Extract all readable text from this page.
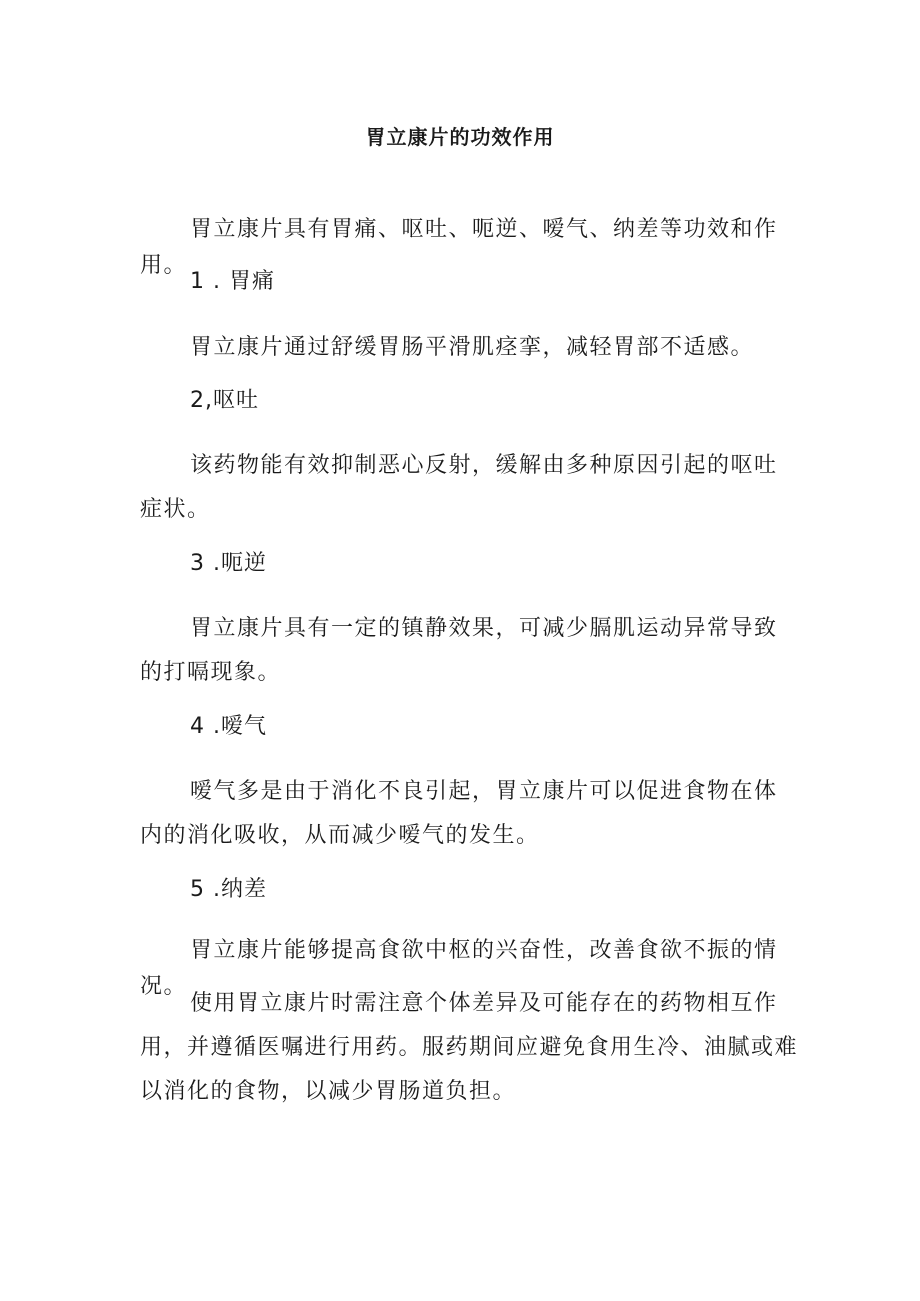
胃立康片的功效作用

胃立康片具有胃痛、呕吐、呃逆、嗳气、纳差等功效和作用。

1 . 胃痛

胃立康片通过舒缓胃肠平滑肌痉挛，减轻胃部不适感。

2,呕吐

该药物能有效抑制恶心反射，缓解由多种原因引起的呕吐症状。

3 .呃逆

胃立康片具有一定的镇静效果，可减少膈肌运动异常导致的打嗝现象。

4 .嗳气

嗳气多是由于消化不良引起，胃立康片可以促进食物在体内的消化吸收，从而减少嗳气的发生。

5 .纳差

胃立康片能够提高食欲中枢的兴奋性，改善食欲不振的情况。

使用胃立康片时需注意个体差异及可能存在的药物相互作用，并遵循医嘱进行用药。服药期间应避免食用生冷、油腻或难以消化的食物，以减少胃肠道负担。
